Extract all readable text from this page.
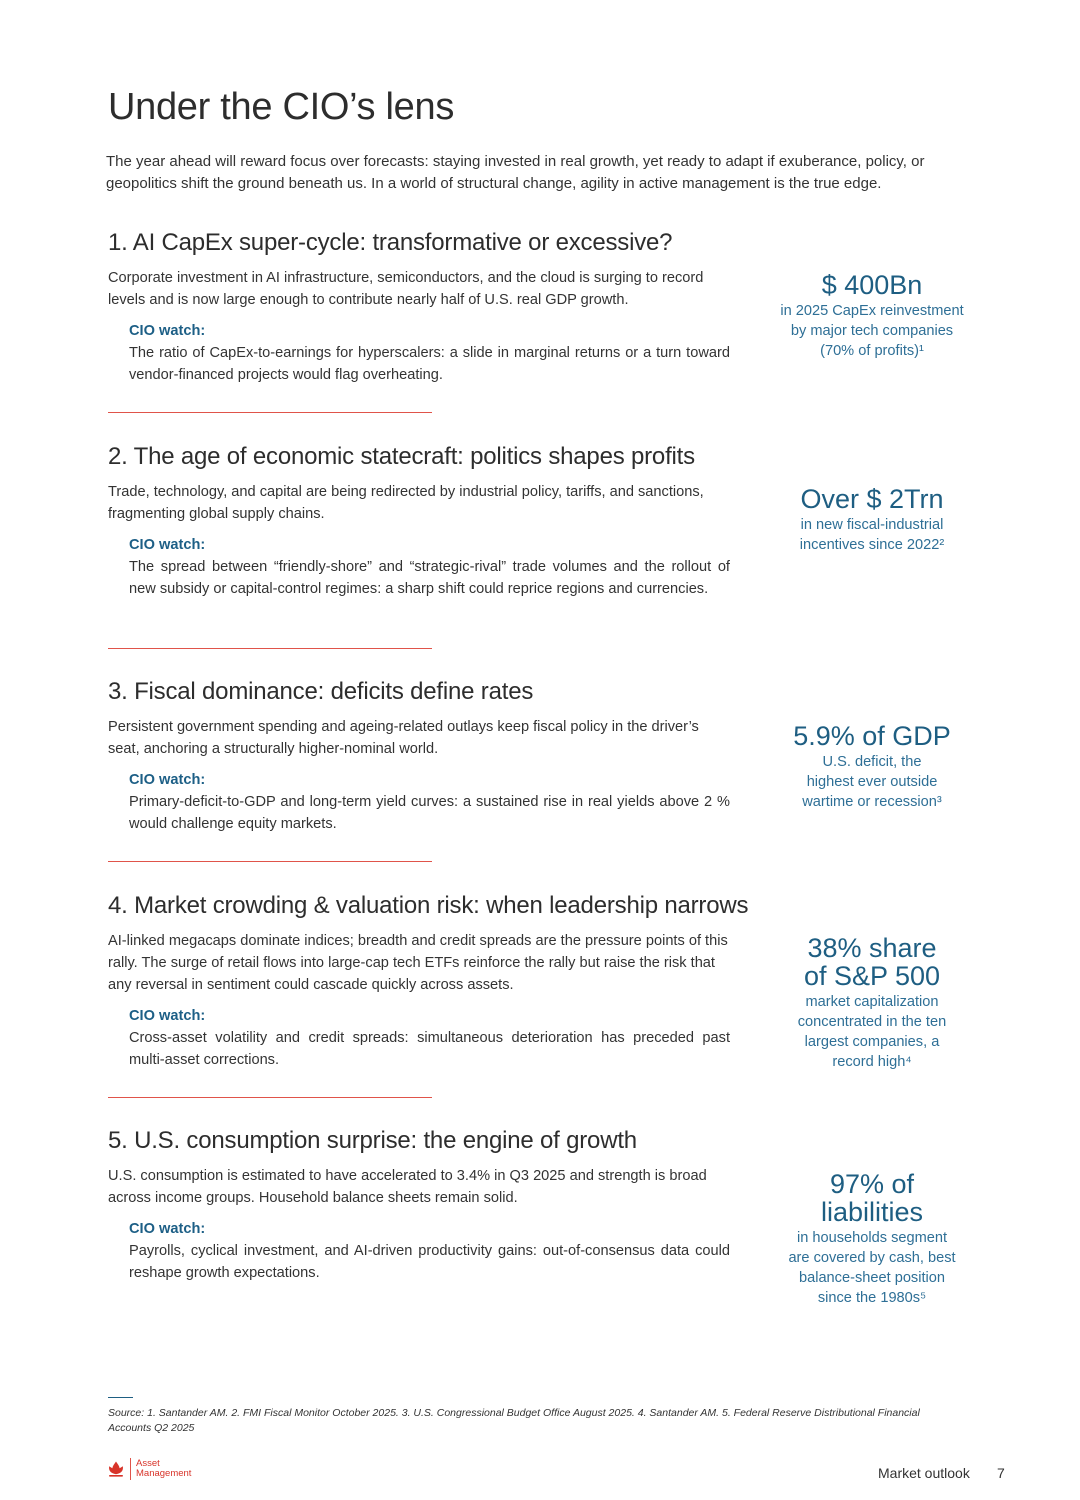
Under the CIO’s lens

The year ahead will reward focus over forecasts: staying invested in real growth, yet ready to adapt if exuberance, policy, or geopolitics shift the ground beneath us. In a world of structural change, agility in active management is the true edge.

1. AI CapEx super-cycle: transformative or excessive?

Corporate investment in AI infrastructure, semiconductors, and the cloud is surging to record levels and is now large enough to contribute nearly half of U.S. real GDP growth.

CIO watch:

The ratio of CapEx-to-earnings for hyperscalers: a slide in marginal returns or a turn toward vendor-financed projects would flag overheating.

$ 400Bn
in 2025 CapEx reinvestment by major tech companies (70% of profits)¹
2. The age of economic statecraft: politics shapes profits

Trade, technology, and capital are being redirected by industrial policy, tariffs, and sanctions, fragmenting global supply chains.

CIO watch:

The spread between “friendly-shore” and “strategic-rival” trade volumes and the rollout of new subsidy or capital-control regimes: a sharp shift could reprice regions and currencies.

Over $ 2Trn
in new fiscal-industrial incentives since 2022²
3. Fiscal dominance: deficits define rates

Persistent government spending and ageing-related outlays keep fiscal policy in the driver’s seat, anchoring a structurally higher-nominal world.

CIO watch:

Primary-deficit-to-GDP and long-term yield curves: a sustained rise in real yields above 2 % would challenge equity markets.

5.9% of GDP
U.S. deficit, the highest ever outside wartime or recession³
4. Market crowding & valuation risk: when leadership narrows

AI-linked megacaps dominate indices; breadth and credit spreads are the pressure points of this rally. The surge of retail flows into large-cap tech ETFs reinforce the rally but raise the risk that any reversal in sentiment could cascade quickly across assets.

CIO watch:

Cross-asset volatility and credit spreads: simultaneous deterioration has preceded past multi-asset corrections.

38% share of S&P 500
market capitalization concentrated in the ten largest companies, a record high⁴
5. U.S. consumption surprise: the engine of growth

U.S. consumption is estimated to have accelerated to 3.4% in Q3 2025 and strength is broad across income groups. Household balance sheets remain solid.

CIO watch:

Payrolls, cyclical investment, and AI-driven productivity gains: out-of-consensus data could reshape growth expectations.

97% of liabilities
in households segment are covered by cash, best balance-sheet position since the 1980s⁵
Source: 1. Santander AM. 2. FMI Fiscal Monitor October 2025. 3. U.S. Congressional Budget Office August 2025. 4. Santander AM. 5. Federal Reserve Distributional Financial Accounts Q2 2025
Asset
Management	Market outlook 7
